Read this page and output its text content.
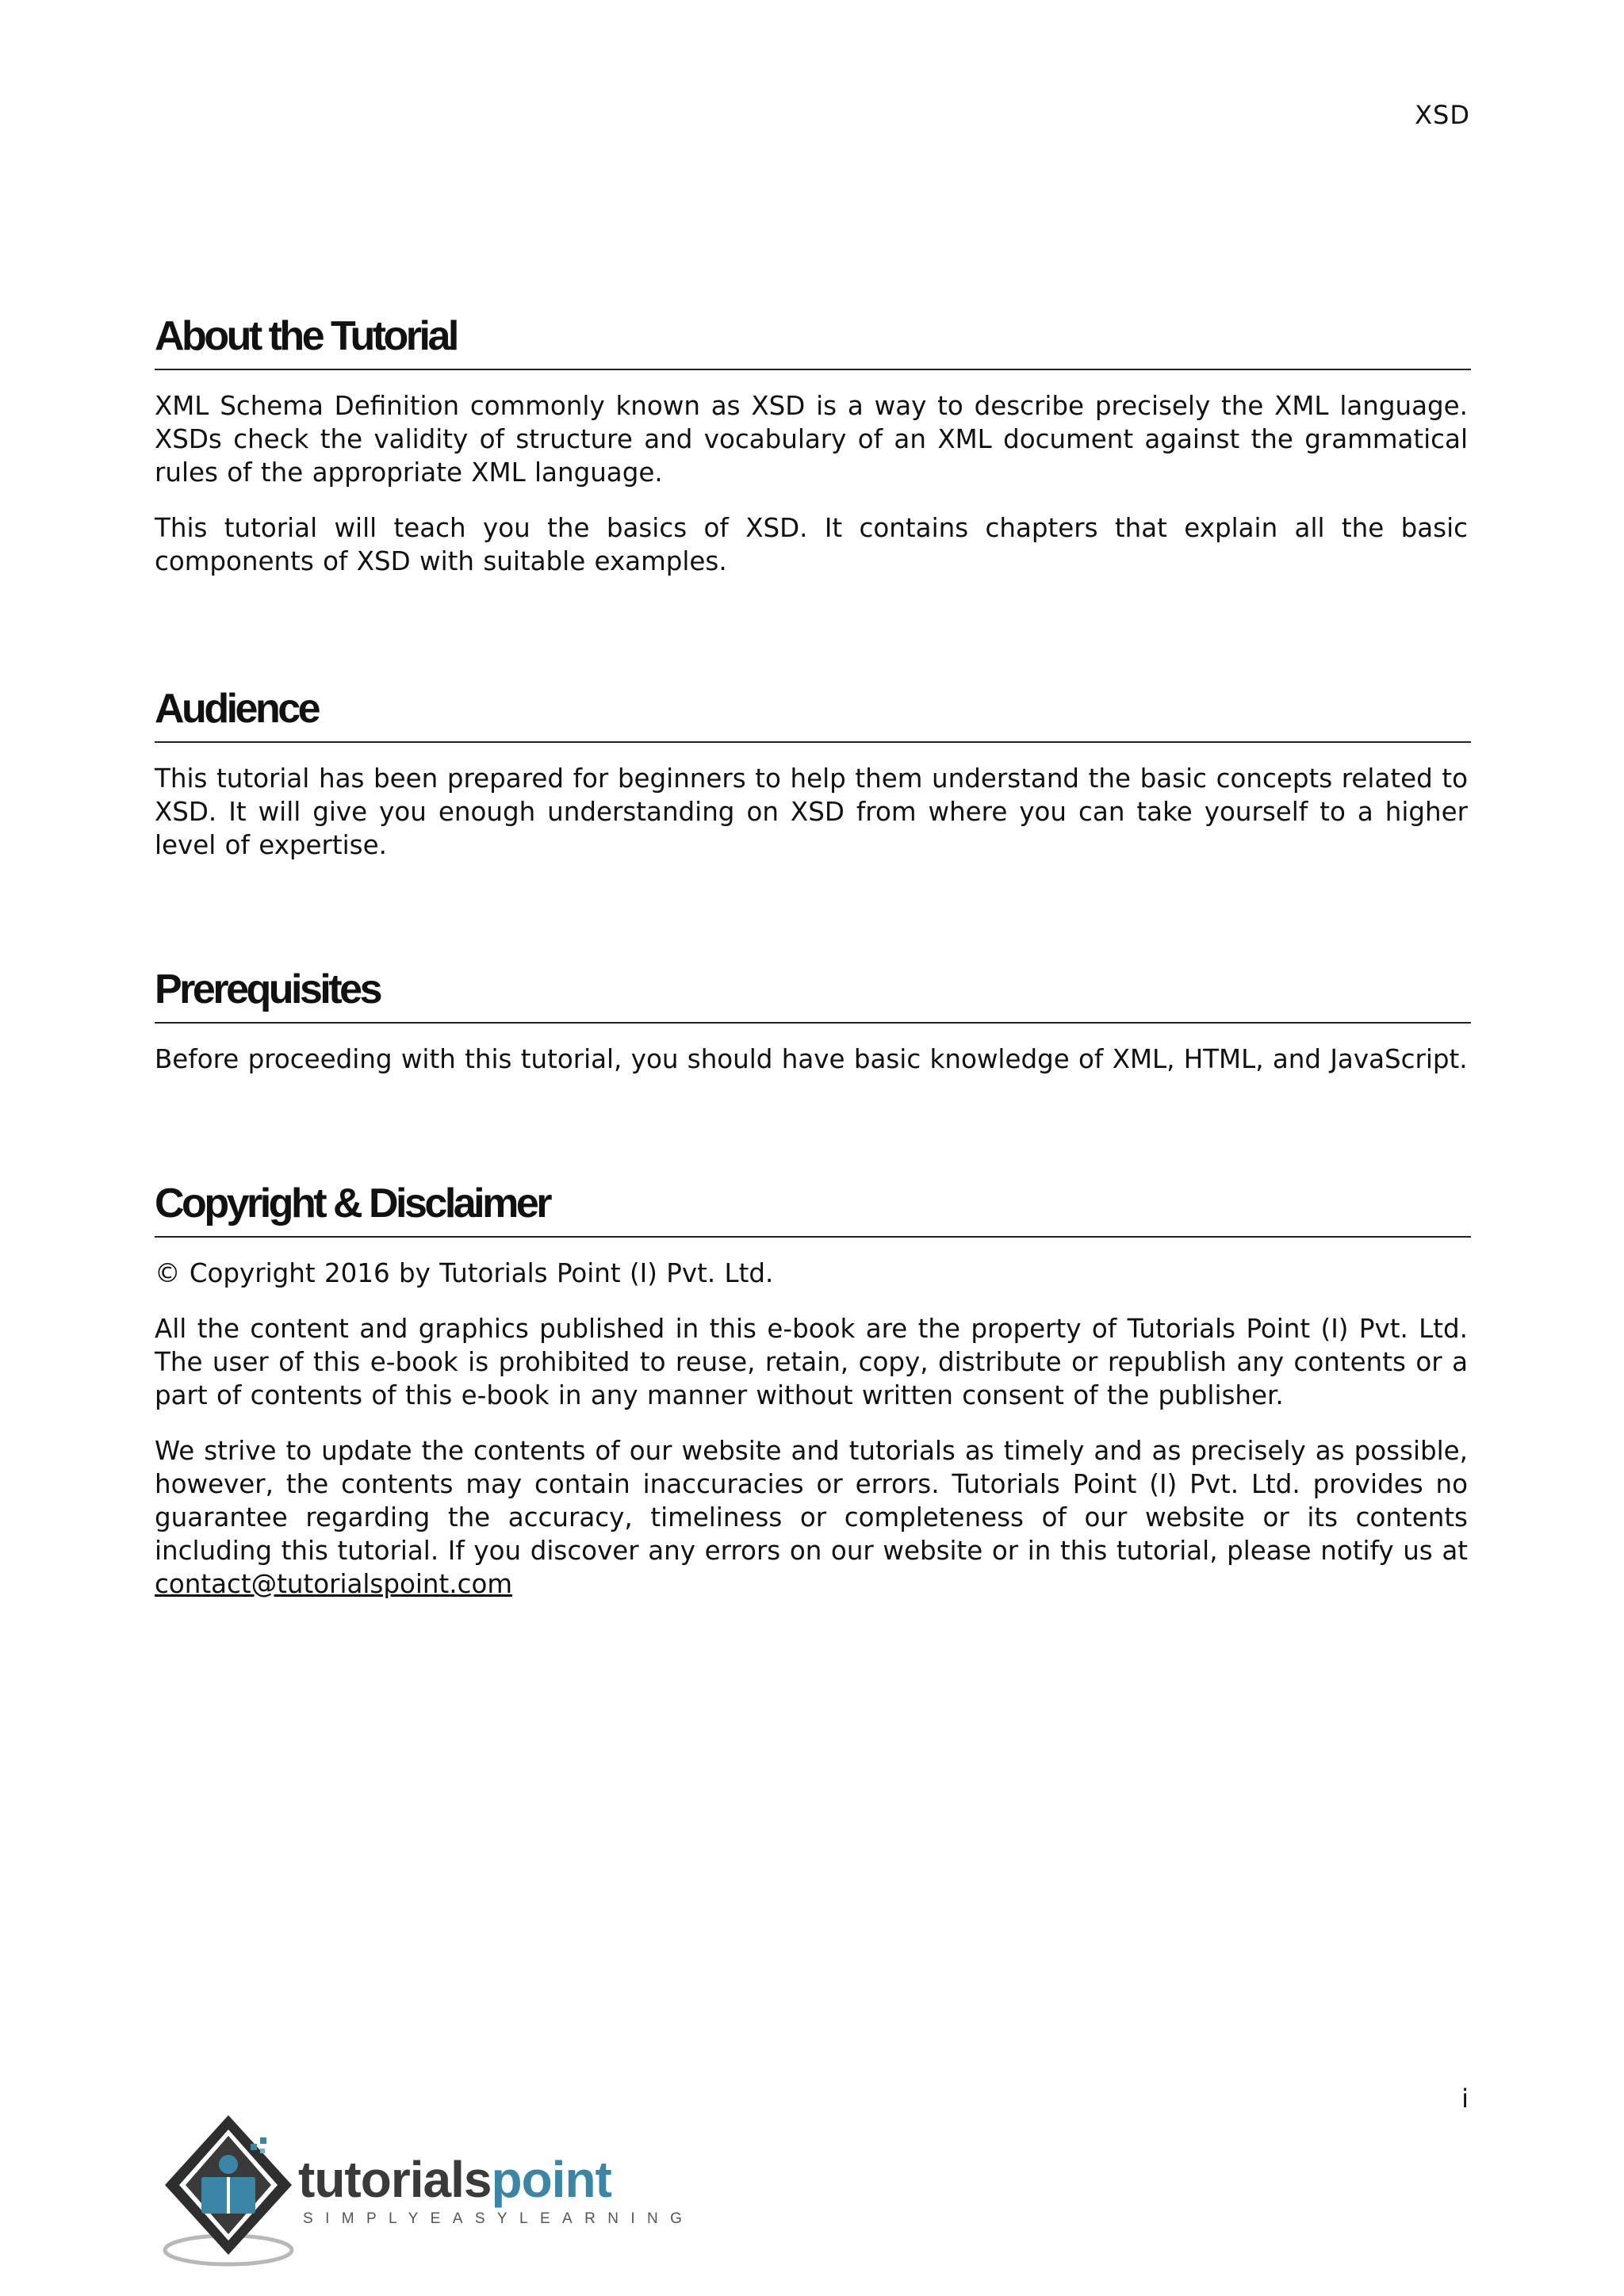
XSD
About the Tutorial

XML Schema Definition commonly known as XSD is a way to describe precisely the XML language. XSDs check the validity of structure and vocabulary of an XML document against the grammatical rules of the appropriate XML language.

This tutorial will teach you the basics of XSD. It contains chapters that explain all the basic components of XSD with suitable examples.

Audience

This tutorial has been prepared for beginners to help them understand the basic concepts related to XSD. It will give you enough understanding on XSD from where you can take yourself to a higher level of expertise.

Prerequisites

Before proceeding with this tutorial, you should have basic knowledge of XML, HTML, and JavaScript.

Copyright & Disclaimer

© Copyright 2016 by Tutorials Point (I) Pvt. Ltd.

All the content and graphics published in this e-book are the property of Tutorials Point (I) Pvt. Ltd. The user of this e-book is prohibited to reuse, retain, copy, distribute or republish any contents or a part of contents of this e-book in any manner without written consent of the publisher.

We strive to update the contents of our website and tutorials as timely and as precisely as possible, however, the contents may contain inaccuracies or errors. Tutorials Point (I) Pvt. Ltd. provides no guarantee regarding the accuracy, timeliness or completeness of our website or its contents including this tutorial. If you discover any errors on our website or in this tutorial, please notify us at contact@tutorialspoint.com

i
tutorialspoint
SIMPLYEASYLEARNING
